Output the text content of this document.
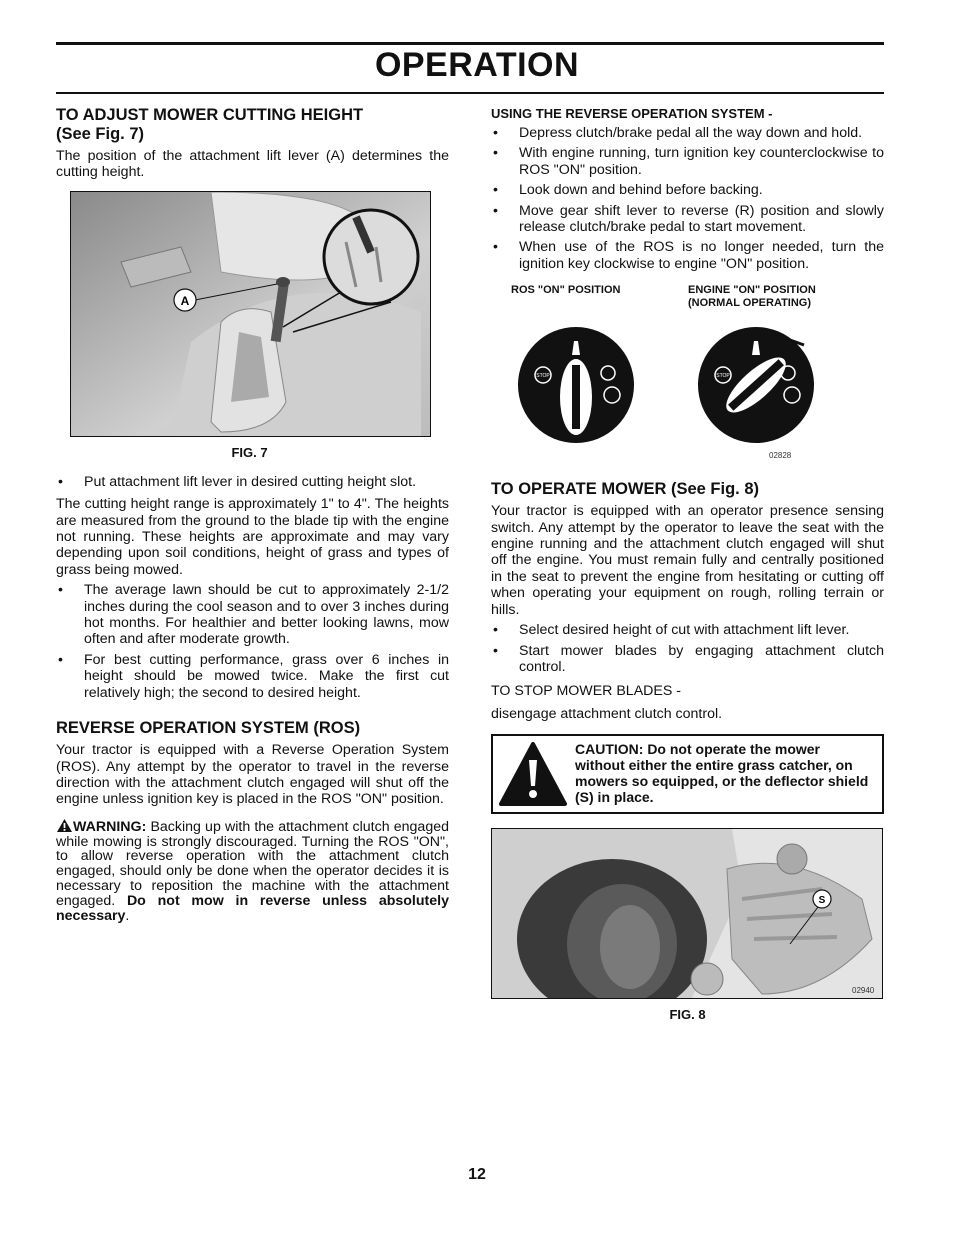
OPERATION
TO ADJUST MOWER CUTTING HEIGHT
(See Fig. 7)

The position of the attachment lift lever (A) determines the cutting height.

A
FIG. 7
• Put attachment lift lever in desired cutting height slot.

The cutting height range is approximately 1" to 4". The heights are measured from the ground to the blade tip with the engine not running. These heights are approximate and may vary depending upon soil conditions, height of grass and types of grass being mowed.

• The average lawn should be cut to approximately 2-1/2 inches during the cool season and to over 3 inches during hot months. For healthier and better looking lawns, mow often and after moderate growth.
• For best cutting performance, grass over 6 inches in height should be mowed twice. Make the first cut relatively high; the second to desired height.
REVERSE OPERATION SYSTEM (ROS)

Your tractor is equipped with a Reverse Operation System (ROS). Any attempt by the operator to travel in the reverse direction with the attachment clutch engaged will shut off the engine unless ignition key is placed in the ROS "ON" position.

WARNING: Backing up with the attachment clutch engaged while mowing is strongly discouraged. Turning the ROS "ON", to allow reverse operation with the attachment clutch engaged, should only be done when the operator decides it is necessary to reposition the machine with the attachment engaged. Do not mow in reverse unless absolutely necessary.

USING THE REVERSE OPERATION SYSTEM -
• Depress clutch/brake pedal all the way down and hold.
• With engine running, turn ignition key counterclockwise to ROS "ON" position.
• Look down and behind before backing.
• Move gear shift lever to reverse (R) position and slowly release clutch/brake pedal to start movement.
• When use of the ROS is no longer needed, turn the ignition key clockwise to engine "ON" position.
ROS "ON" POSITION	ENGINE "ON" POSITION
(NORMAL OPERATING)
STOP	STOP
02828
TO OPERATE MOWER (See Fig. 8)

Your tractor is equipped with an operator presence sensing switch. Any attempt by the operator to leave the seat with the engine running and the attachment clutch engaged will shut off the engine. You must remain fully and centrally positioned in the seat to prevent the engine from hesitating or cutting off when operating your equipment on rough, rolling terrain or hills.

• Select desired height of cut with attachment lift lever.
• Start mower blades by engaging attachment clutch control.

TO STOP MOWER BLADES -

disengage attachment clutch control.

CAUTION: Do not operate the mower without either the entire grass catcher, on mowers so equipped, or the deflector shield (S) in place.
S
02940
FIG. 8
12
